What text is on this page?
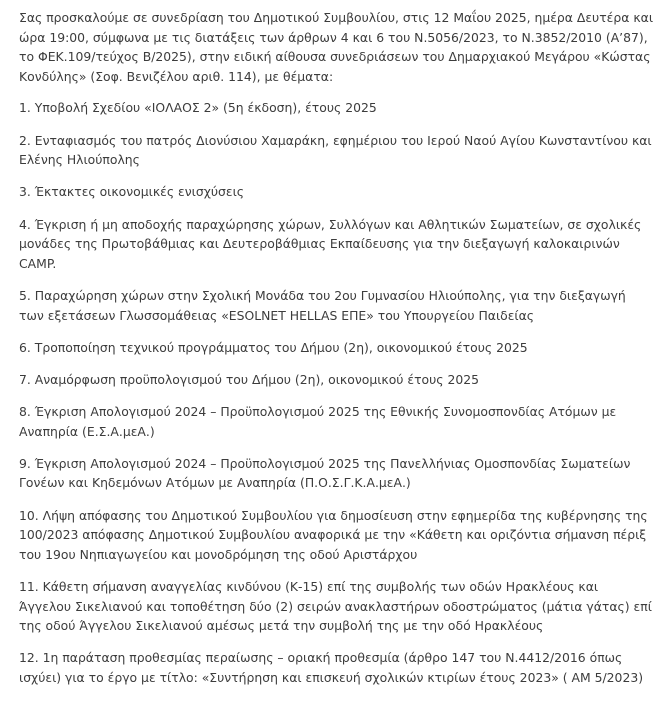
Σας προσκαλούμε σε συνεδρίαση του Δημοτικού Συμβουλίου, στις 12 Μαΐου 2025, ημέρα Δευτέρα και ώρα 19:00, σύμφωνα με τις διατάξεις των άρθρων 4 και 6 του Ν.5056/2023, το Ν.3852/2010 (Α’87), το ΦΕΚ.109/τεύχος Β/2025), στην ειδική αίθουσα συνεδριάσεων του Δημαρχιακού Μεγάρου «Κώστας Κονδύλης» (Σοφ. Βενιζέλου αριθ. 114), με θέματα:

1. Υποβολή Σχεδίου «ΙΟΛΑΟΣ 2» (5η έκδοση), έτους 2025

2. Ενταφιασμός του πατρός Διονύσιου Χαμαράκη, εφημέριου του Ιερού Ναού Αγίου Κωνσταντίνου και Ελένης Ηλιούπολης

3. Έκτακτες οικονομικές ενισχύσεις

4. Έγκριση ή μη αποδοχής παραχώρησης χώρων, Συλλόγων και Αθλητικών Σωματείων, σε σχολικές μονάδες της Πρωτοβάθμιας και Δευτεροβάθμιας Εκπαίδευσης για την διεξαγωγή καλοκαιρινών CAMP.

5. Παραχώρηση χώρων στην Σχολική Μονάδα του 2ου Γυμνασίου Ηλιούπολης, για την διεξαγωγή των εξετάσεων Γλωσσομάθειας «ESOLNET HELLAS ΕΠΕ» του Υπουργείου Παιδείας

6. Τροποποίηση τεχνικού προγράμματος του Δήμου (2η), οικονομικού έτους 2025

7. Αναμόρφωση προϋπολογισμού του Δήμου (2η), οικονομικού έτους 2025

8. Έγκριση Απολογισμού 2024 – Προϋπολογισμού 2025 της Εθνικής Συνομοσπονδίας Ατόμων με Αναπηρία (Ε.Σ.Α.μεΑ.)

9. Έγκριση Απολογισμού 2024 – Προϋπολογισμού 2025 της Πανελλήνιας Ομοσπονδίας Σωματείων Γονέων και Κηδεμόνων Ατόμων με Αναπηρία (Π.Ο.Σ.Γ.Κ.Α.μεΑ.)

10. Λήψη απόφασης του Δημοτικού Συμβουλίου για δημοσίευση στην εφημερίδα της κυβέρνησης της 100/2023 απόφασης Δημοτικού Συμβουλίου αναφορικά με την «Κάθετη και οριζόντια σήμανση πέριξ του 19ου Νηπιαγωγείου και μονοδρόμηση της οδού Αριστάρχου

11. Κάθετη σήμανση αναγγελίας κινδύνου (Κ-15) επί της συμβολής των οδών Ηρακλέους και Άγγελου Σικελιανού και τοποθέτηση δύο (2) σειρών ανακλαστήρων οδοστρώματος (μάτια γάτας) επί της οδού Άγγελου Σικελιανού αμέσως μετά την συμβολή της με την οδό Ηρακλέους

12. 1η παράταση προθεσμίας περαίωσης – οριακή προθεσμία (άρθρο 147 του Ν.4412/2016 όπως ισχύει) για το έργο με τίτλο: «Συντήρηση και επισκευή σχολικών κτιρίων έτους 2023» ( ΑΜ 5/2023)
